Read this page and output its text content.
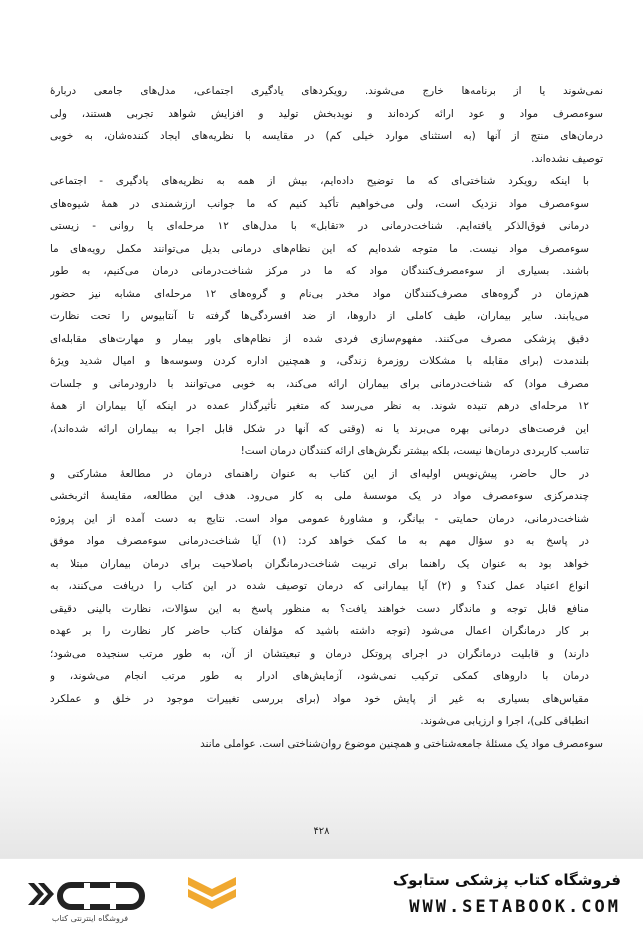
نمی‌شوند یا از برنامه‌ها خارج می‌شوند. رویکردهای یادگیری اجتماعی، مدل‌های جامعی دربارهٔ
سوءمصرف مواد و عود ارائه کرده‌اند و نوید‌بخش تولید و افزایش شواهد تجربی هستند، ولی
درمان‌های منتج از آنها (به استثنای موارد خیلی کم) در مقایسه با نظریه‌های ایجاد کننده‌شان، به خوبی
توصیف نشده‌اند.
با اینکه رویکرد شناختی‌ای که ما توضیح داده‌ایم، بیش از همه به نظریه‌های یادگیری - اجتماعی
سوءمصرف مواد نزدیک است، ولی می‌خواهیم تأکید کنیم که ما جوانب ارزشمندی در همهٔ شیوه‌های
درمانی فوق‌الذکر یافته‌ایم. شناخت‌درمانی در «تقابل» با مدل‌های ۱۲ مرحله‌ای یا روانی - زیستی
سوءمصرف مواد نیست. ما متوجه شده‌ایم که این نظام‌های درمانی بدیل می‌توانند مکمل رویه‌های ما
باشند. بسیاری از سوءمصرف‌کنندگان مواد که ما در مرکز شناخت‌درمانی درمان می‌کنیم، به طور
هم‌زمان در گروه‌های مصرف‌کنندگان مواد مخدر بی‌نام و گروه‌های ۱۲ مرحله‌ای مشابه نیز حضور
می‌یابند. سایر بیماران، طیف کاملی از داروها، از ضد افسردگی‌ها گرفته تا آنتابیوس را تحت نظارت
دقیق پزشکی مصرف می‌کنند. مفهوم‌سازی فردی شده از نظام‌های باور بیمار و مهارت‌های مقابله‌ای
بلندمدت (برای مقابله با مشکلات روزمرهٔ زندگی، و همچنین اداره کردن وسوسه‌ها و امیال شدید ویژهٔ
مصرف مواد) که شناخت‌درمانی برای بیماران ارائه می‌کند، به خوبی می‌توانند با دارودرمانی و جلسات
۱۲ مرحله‌ای درهم تنیده شوند. به نظر می‌رسد که متغیر تأثیرگذار عمده در اینکه آیا بیماران از همهٔ
این فرصت‌های درمانی بهره می‌برند یا نه (وقتی که آنها در شکل قابل اجرا به بیماران ارائه شده‌اند)،
تناسب کاربردی درمان‌ها نیست، بلکه بیشتر نگرش‌های ارائه کنندگان درمان است!
در حال حاضر، پیش‌نویس اولیه‌ای از این کتاب به عنوان راهنمای درمان در مطالعهٔ مشارکتی و
چندمرکزی سوءمصرف مواد در یک موسسهٔ ملی به کار می‌رود. هدف این مطالعه، مقایسهٔ اثربخشی
شناخت‌درمانی، درمان حمایتی - بیانگر، و مشاورهٔ عمومی مواد است. نتایج به دست آمده از این پروژه
در پاسخ به دو سؤال مهم به ما کمک خواهد کرد: (۱) آیا شناخت‌درمانی سوءمصرف مواد موفق
خواهد بود به عنوان یک راهنما برای تربیت شناخت‌درمانگران باصلاحیت برای درمان بیماران مبتلا به
انواع اعتیاد عمل کند؟ و (۲) آیا بیمارانی که درمان توصیف شده در این کتاب را دریافت می‌کنند، به
منافع قابل توجه و ماندگار دست خواهند یافت؟ به منظور پاسخ به این سؤالات، نظارت بالینی دقیقی
بر کار درمانگران اعمال می‌شود (توجه داشته باشید که مؤلفان کتاب حاضر کار نظارت را بر عهده
دارند) و قابلیت درمانگران در اجرای پروتکل درمان و تبعیتشان از آن، به طور مرتب سنجیده می‌شود؛
درمان با داروهای کمکی ترکیب نمی‌شود، آزمایش‌های ادرار به طور مرتب انجام می‌شوند، و
مقیاس‌های بسیاری به غیر از پایش خود مواد (برای بررسی تغییرات موجود در خلق و عملکرد
انطباقی کلی)، اجرا و ارزیابی می‌شوند.
سوءمصرف مواد یک مسئلهٔ جامعه‌شناختی و همچنین موضوع روان‌شناختی است. عواملی مانند
۴۲۸
فروشگاه اینترنتی کتاب
فروشگاه کتاب پزشکی ستابوک
WWW.SETABOOK.COM
